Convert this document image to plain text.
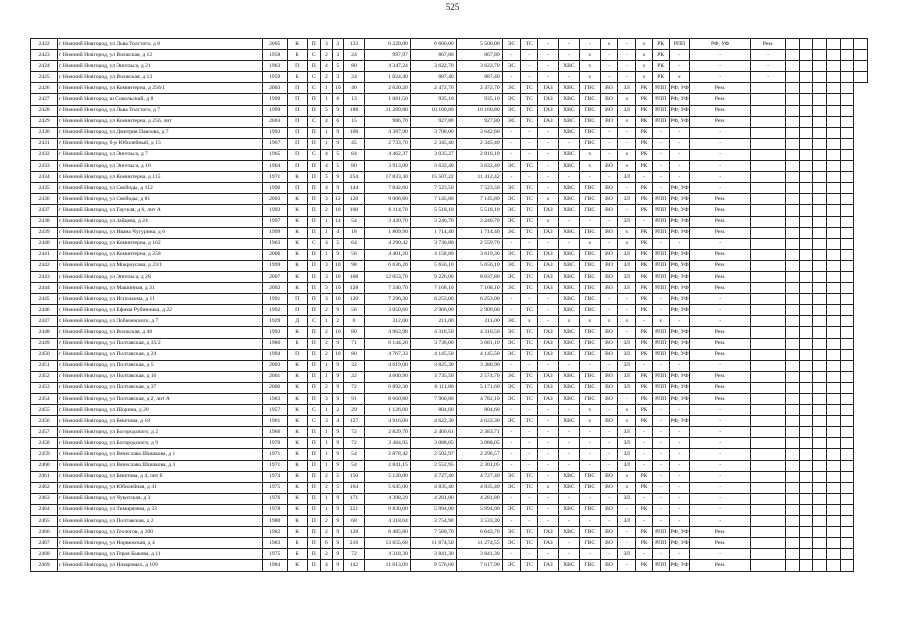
525
2422	г Нижний Новгород, ул Льва Толстого, д 8	2005	К	П	3	3	133	6 220,00	6 660,00	5 500,00	ЭС	ТС	-	-	-	х	-	х	РК	РПП	РФ, УФ	Рем.						
2423	г Нижний Новгород, ул Волжская, д 12	1958	Б	С	2	3	24	997,97	867,80	867,80	-	-	-	-	х	-	-	х	РК	-	-	-						
2424	г Нижний Новгород, ул Энгельса, д 21	1963	П	П	4	5	80	4 347,24	3 622,70	3 622,70	ЭС	-	-	ХВС	х	-	-	х	РК	-	-	-						
2425	г Нижний Новгород, ул Волжская, д 13	1959	Б	С	2	3	24	1 024,40	887,40	887,40	-	-	-	-	х	-	-	х	РК	х	-	-						
2426	г Нижний Новгород, ул Коминтерна, д 256/1	2003	П	С	1	10	40	2 620,20	2 472,70	2 472,70	ЭС	ТС	ГАЗ	ХВС	ГВС	ВО	ЗЛ	РК	РПП	РФ, УФ	Рем.							
2427	г Нижний Новгород, ш Сокольский, д 8	1999	П	П	1	6	13	1 081,50	935,10	935,10	ЭС	ТС	ГАЗ	ХВС	ГВС	ВО	х	РК	РПП	РФ, УФ	Рем.							
2428	г Нижний Новгород, ул Льва Толстого, д 7	1999	П	П	5	9	188	11 289,80	10 160,80	10 160,80	ЭС	ТС	ГАЗ	ХВС	ГВС	ВО	ЗЛ	РК	РПП	РФ, УФ	Рем.							
2429	г Нижний Новгород, ул Коминтерна, д 256, лит	2003	П	С	4	6	15	986,70	927,80	927,80	ЭС	ТС	ГАЗ	ХВС	ГВС	ВО	х	РК	РПП	РФ, УФ	Рем.							
2430	г Нижний Новгород, ул Дмитрия Павлова, д 7	1993	П	П	1	9	108	4 387,90	3 708,00	3 642,60	-	-	-	ХВС	ГВС	-	-	РК	-	-	-							
2431	г Нижний Новгород, б-р Юбилейный, д 15	1967	П	П	1	9	45	2 733,70	2 345,40	2 345,40	-	-	-	-	ГВС	-	-	РК	-	-	-							
2432	г Нижний Новгород, ул Энгельса, д 7	1965	П	С	4	5	64	4 462,37	3 035,27	2 816,10	-	-	-	ХВС	х	-	х	РК	-	-	-							
2433	г Нижний Новгород, ул Энгельса, д 10	1964	П	П	4	5	80	3 913,00	3 632,40	3 632,40	ЭС	ТС	-	ХВС	х	ВО	х	РК	-	-	-							
2434	г Нижний Новгород, ул Коминтерна, д 115	1971	К	П	5	9	254	17 833,30	15 507,22	11 412,42	-	-	-	-	-	-	ЗЛ	-	-	-	-							
2435	г Нижний Новгород, ул Свободы, д 112	1990	П	П	4	9	144	7 842,60	7 523,50	7 523,50	ЭС	ТС	-	ХВС	ГВС	ВО	-	РК	-	РФ, УФ	-							
2436	г Нижний Новгород, ул Свободы, д 81	2003	К	П	3	12	120	9 006,80	7 145,80	7 145,80	ЭС	ТС	х	ХВС	ГВС	ВО	ЗЛ	РК	РПП	РФ, УФ	Рем.							
2437	г Нижний Новгород, ул Гаугеля, д 6, лит А	1993	К	П	2	10	100	6 114,70	5 518,10	5 518,10	ЭС	ТС	ГАЗ	ХВС	ГВС	ВО	-	РК	РПП	РФ, УФ	Рем.							
2438	г Нижний Новгород, ул Зайцева, д 24	1997	К	П	1	14	54	3 430,70	3 246,70	3 246,70	ЭС	ТС	х	-	-	-	ЗЛ	-	РПП	РФ, УФ	Рем.							
2439	г Нижний Новгород, ул Ивана Чугурина, д 6	1999	К	П	1	4	18	1 809,90	1 714,40	1 714,40	ЭС	ТС	ГАЗ	ХВС	ГВС	ВО	х	РК	РПП	РФ, УФ	Рем.							
2440	г Нижний Новгород, ул Коминтерна, д 162	1963	К	С	4	5	64	4 290,42	3 730,80	2 559,70	-	-	-	-	х	-	х	РК	-	-	-							
2441	г Нижний Новгород, ул Коминтерна, д 258	2006	К	П	1	9	56	4 401,20	4 158,80	3 619,30	ЭС	ТС	ГАЗ	ХВС	ГВС	ВО	ЗЛ	РК	РПП	РФ, УФ	Рем.							
2442	г Нижний Новгород, ул Мокроусова, д 23/1	1999	К	П	3	10	98	6 636,20	5 656,10	5 656,10	ЭС	ТС	ГАЗ	ХВС	ГВС	ВО	ЗЛ	РК	РПП	РФ, УФ	Рем.							
2443	г Нижний Новгород, ул Энгельса, д 28	2007	К	П	3	10	108	12 053,70	9 226,00	8 037,80	ЭС	ТС	ГАЗ	ХВС	ГВС	ВО	ЗЛ	РК	РПП	РФ, УФ	Рем.							
2444	г Нижний Новгород, ул Машинная, д 31	2002	К	П	3	10	128	7 340,70	7 168,10	7 168,10	ЭС	ТС	ГАЗ	ХВС	ГВС	ВО	ЗЛ	РК	РПП	РФ, УФ	Рем.							
2445	г Нижний Новгород, ул Исполкома, д 11	1991	П	П	3	10	120	7 296,30	6 253,00	6 253,00	-	-	-	ХВС	ГВС	-	-	РК	-	РФ, УФ	-							
2446	г Нижний Новгород, ул Ефима Рубинчика, д 22	1992	П	П	2	9	56	3 050,60	2 966,00	2 900,00	-	ТС	-	ХВС	ГВС	-	-	РК	-	РФ, УФ	-							
2447	г Нижний Новгород, ул Лобачевского, д 7	1929	Д	С	1	2	6	312,00	211,00	211,00	ЭС	х	-	х	х	х	х	-	х	-	-							
2448	г Нижний Новгород, ул Волжская, д 40	1993	К	П	2	10	80	4 963,98	4 316,50	4 316,50	ЭС	ТС	ГАЗ	ХВС	ГВС	ВО	-	РК	РПП	РФ, УФ	Рем.							
2449	г Нижний Новгород, ул Полтавская, д 35/2	1986	Б	П	2	9	71	6 144,20	3 736,00	3 681,10	ЭС	ТС	ГАЗ	ХВС	ГВС	ВО	ЗЛ	РК	РПП	РФ, УФ	Рем.							
2450	г Нижний Новгород, ул Полтавская, д 24	1994	П	П	2	10	80	4 767,33	4 145,50	4 145,50	ЭС	ТС	ГАЗ	ХВС	ГВС	ВО	ЗЛ	РК	РПП	РФ, УФ	Рем.							
2451	г Нижний Новгород, ул Полтавская, д 5	2003	К	П	1	9	32	4 619,00	3 825,30	3 380,90	-	-	-	-	-	-	ЗЛ	-	-	-	-							
2452	г Нижний Новгород, ул Полтавская, д 16	2001	К	П	1	9	22	4 600,90	3 735,50	2 574,70	ЭС	ТС	ГАЗ	ХВС	ГВС	ВО	ЗЛ	РК	РПП	РФ, УФ	Рем.							
2453	г Нижний Новгород, ул Полтавская, д 37	2006	К	П	2	9	72	6 892,30	6 111,80	5 171,60	ЭС	ТС	ГАЗ	ХВС	ГВС	ВО	ЗЛ	РК	РПП	РФ, УФ	Рем.							
2454	г Нижний Новгород, ул Полтавская, д 2, лит А	1983	К	П	3	9	91	8 660,80	7 960,80	4 782,10	ЭС	ТС	ГАЗ	ХВС	ГВС	ВО	-	РК	РПП	РФ, УФ	Рем.							
2455	г Нижний Новгород, ул Шорина, д 20	1957	К	С	1	2	29	1 126,00	804,60	804,60	-	-	-	-	х	-	х	РК	-	-	-							
2456	г Нижний Новгород, ул Бекетова, д 18	1961	К	С	3	4	127	4 916,00	4 622,30	4 622,30	ЭС	ТС	-	ХВС	х	ВО	х	РК	-	РФ, УФ	-							
2457	г Нижний Новгород, ул Богородского, д 2	1966	К	П	1	9	72	2 829,70	2 460,61	2 383,71	-	-	-	-	-	-	ЗЛ	-	-	-	-							
2458	г Нижний Новгород, ул Богородского, д 9	1970	К	П	1	9	72	3 484,95	3 088,05	3 088,05	-	-	-	-	-	-	ЗЛ	-	-	-	-							
2459	г Нижний Новгород, ул Вячеслава Шишкова, д 1	1971	К	П	1	9	54	2 878,42	2 502,97	2 296,57	-	-	-	-	-	-	ЗЛ	-	-	-	-							
2460	г Нижний Новгород, ул Вячеслава Шишкова, д 3	1971	К	П	1	9	54	2 841,15	2 552,95	2 301,05	-	-	-	-	-	-	ЗЛ	-	-	-	-							
2461	г Нижний Новгород, ул Бекетова, д 4, лит б	1974	К	П	2	5	150	5 120,00	4 727,40	4 727,40	ЭС	ТС	-	ХВС	ГВС	ВО	х	РК	-	-	-							
2462	г Нижний Новгород, ул Юбилейная, д 41	1975	К	П	2	5	164	5 645,00	4 835,40	4 835,40	ЭС	ТС	х	ХВС	ГВС	ВО	х	РК	-	-	-							
2463	г Нижний Новгород, ул Чукотская, д 3	1976	К	П	1	9	171	4 398,29	4 281,80	4 281,80	-	-	-	-	-	-	ЗЛ	-	-	-	-							
2464	г Нижний Новгород, ул Тимирязева, д 33	1978	К	П	1	9	221	6 830,00	5 994,00	5 994,00	ЭС	ТС	-	ХВС	ГВС	ВО	-	РК	-	-	-							
2465	г Нижний Новгород, ул Полтавская, д 2	1980	К	П	2	9	68	4 318,64	3 754,90	3 533,30	-	-	-	-	-	-	ЗЛ	-	-	-	-							
2466	г Нижний Новгород, ул Геологов, д 100	1982	К	П	2	9	128	8 485,80	7 568,70	6 643,70	ЭС	ТС	ГАЗ	ХВС	ГВС	ВО	-	РК	РПП	РФ, УФ	Рем.							
2467	г Нижний Новгород, ул Норвежская, д 4	1983	Б	П	6	9	216	13 655,68	11 874,50	11 274,55	ЭС	ТС	ГАЗ	-	ГВС	ВО	-	РК	РПП	РФ, УФ	Рем.							
2468	г Нижний Новгород, ул Героя Быкова, д 11	1975	Б	П	2	9	72	4 318,30	3 841,30	3 841,30	-	-	-	-	-	-	ЗЛ	-	-	-	-							
2469	г Нижний Новгород, ул Назаровых, д 109	1984	К	П	4	9	142	11 013,09	9 576,60	7 617,90	ЭС	ТС	ГАЗ	ХВС	ГВС	ВО	-	РК	РПП	РФ, УФ	Рем.							
